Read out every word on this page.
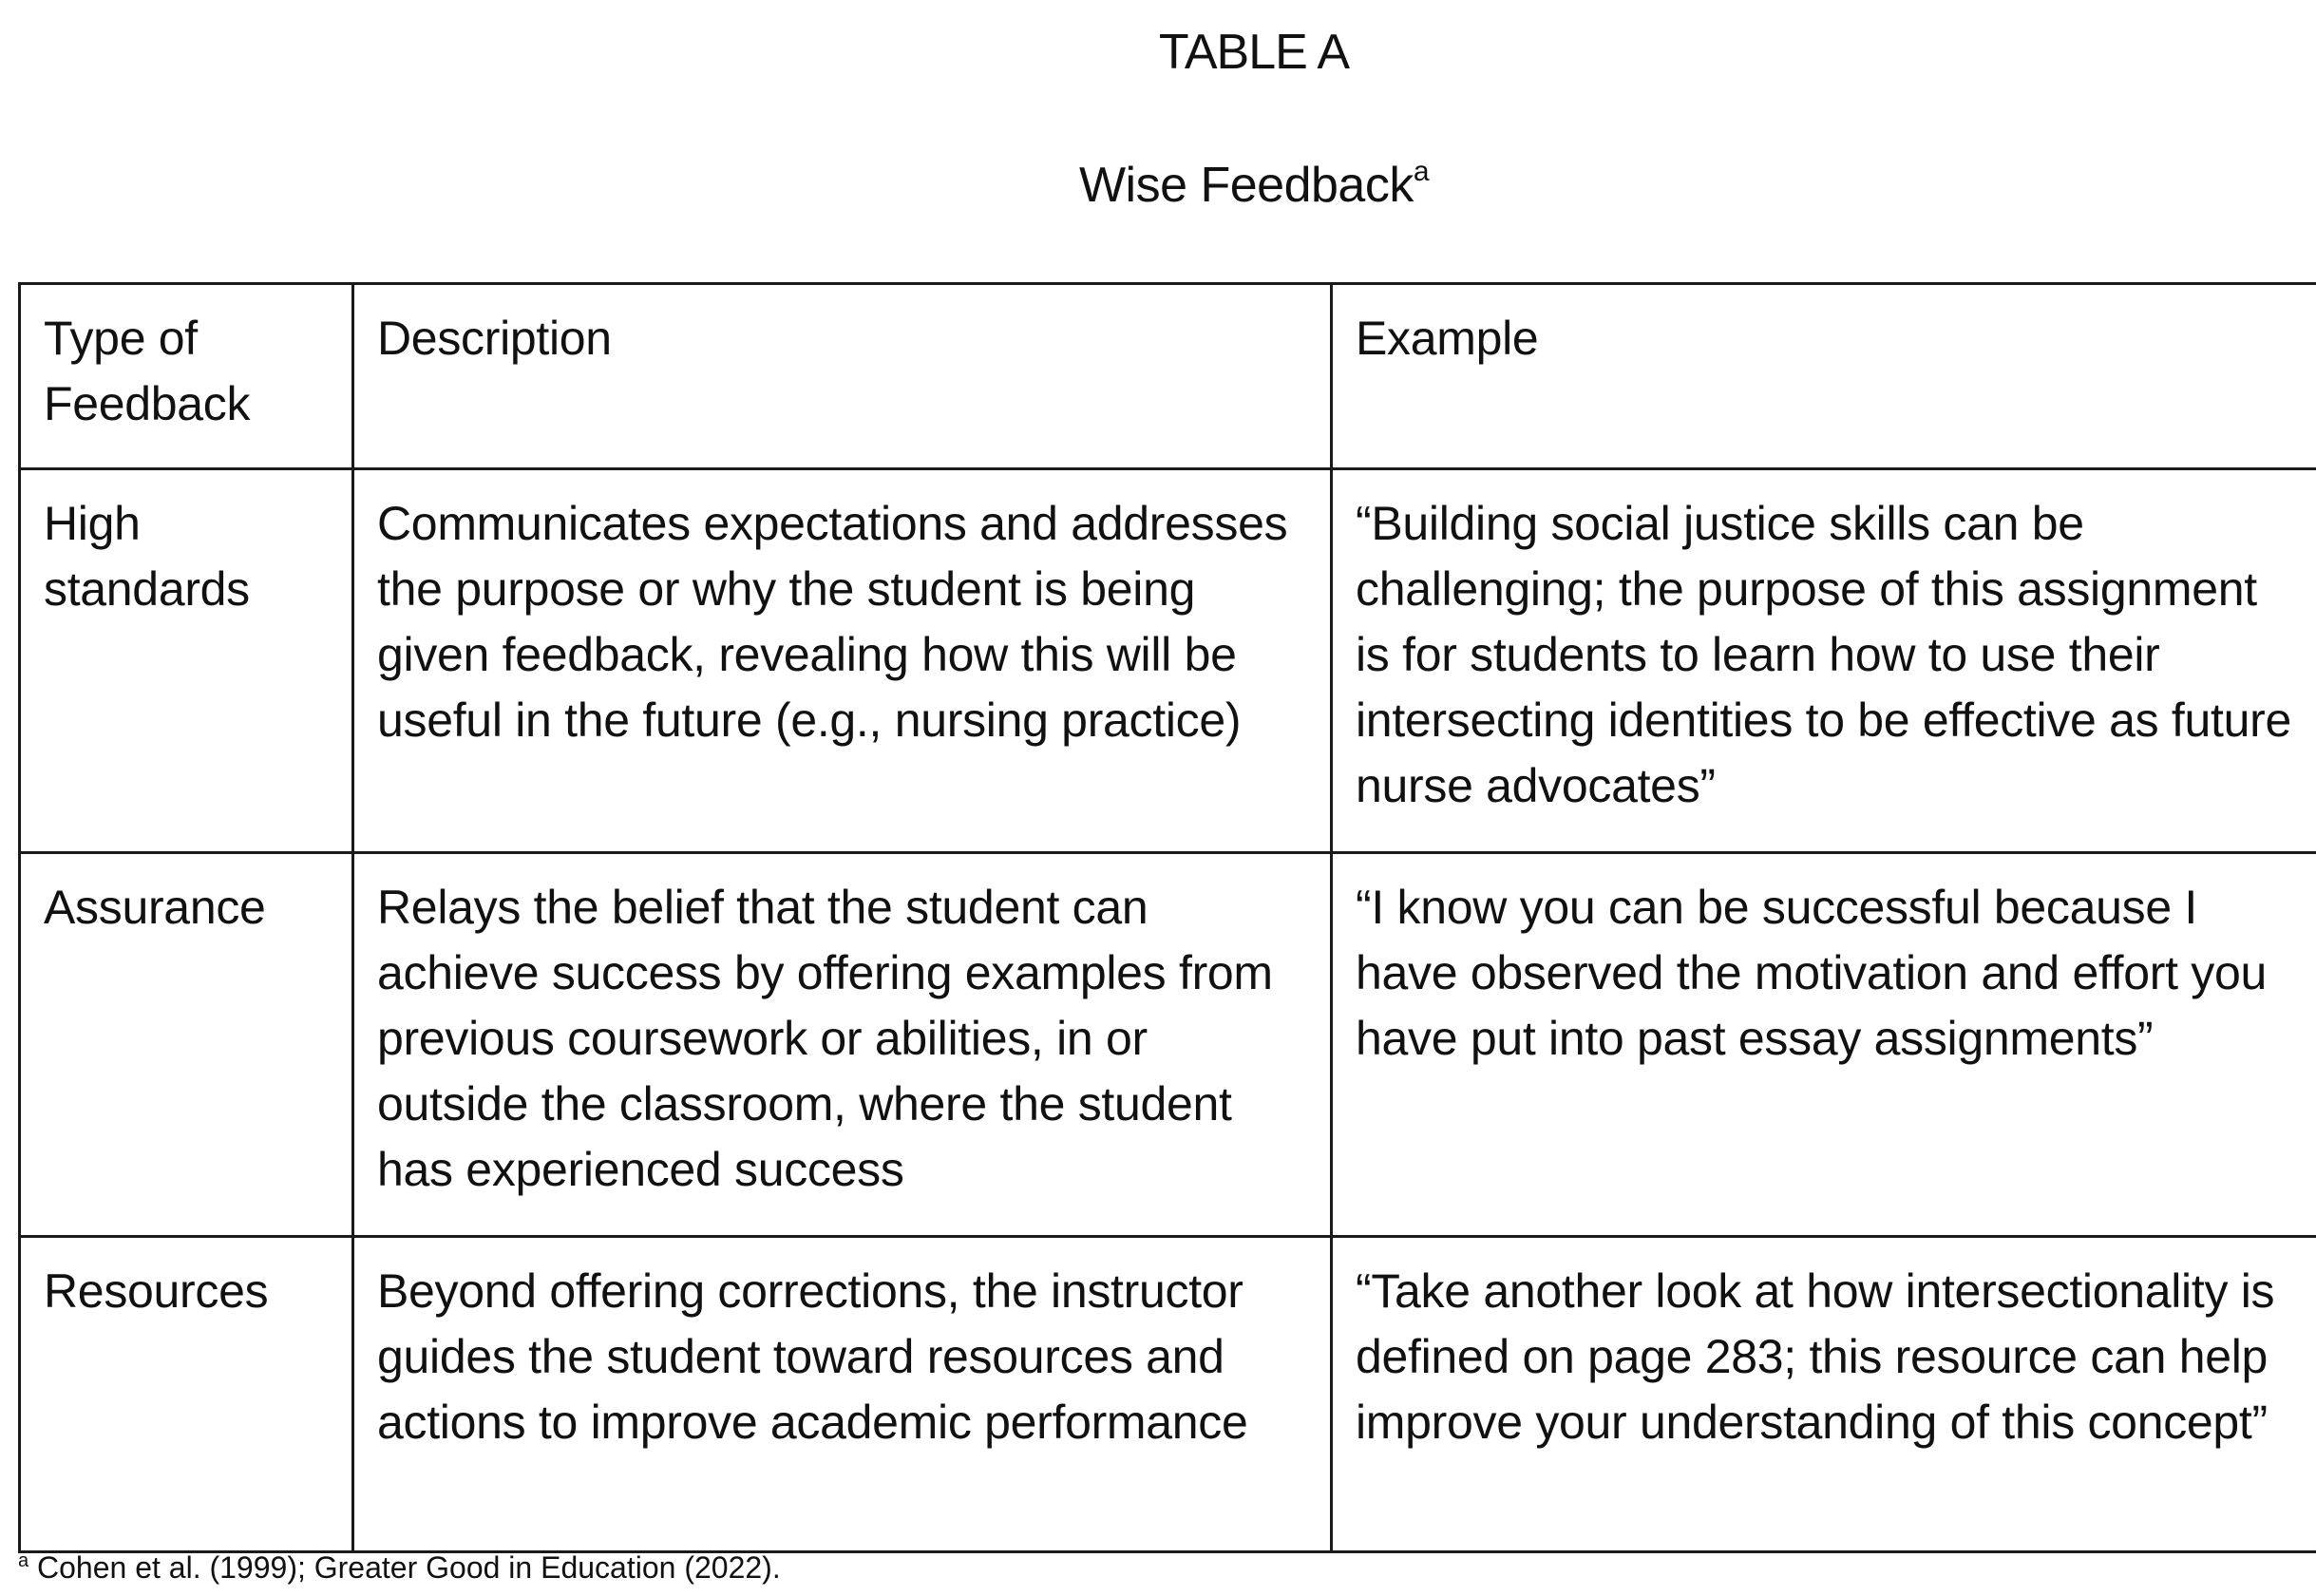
TABLE A
Wise Feedback$^a$
Type of Feedback	Description	Example
High standards	Communicates expectations and addresses the purpose or why the student is being given feedback, revealing how this will be useful in the future (e.g., nursing practice)	“Building social justice skills can be challenging; the purpose of this assignment is for students to learn how to use their intersecting identities to be effective as future nurse advocates”
Assurance	Relays the belief that the student can achieve success by offering examples from previous coursework or abilities, in or outside the classroom, where the student has experienced success	“I know you can be successful because I have observed the motivation and effort you have put into past essay assignments”
Resources	Beyond offering corrections, the instructor guides the student toward resources and actions to improve academic performance	“Take another look at how intersectionality is defined on page 283; this resource can help improve your understanding of this concept”
$^a$ Cohen et al. (1999); Greater Good in Education (2022).
